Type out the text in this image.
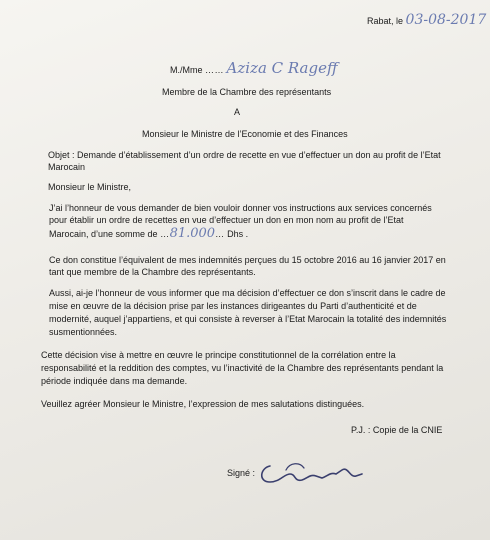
Rabat, le 03-08-2017
M./Mme …… Aziza C Rageff
Membre de la Chambre des représentants
A
Monsieur le Ministre de l’Economie et des Finances
Objet : Demande d’établissement d’un ordre de recette en vue d’effectuer un don au profit de l’Etat
Marocain
Monsieur le Ministre,
J’ai l’honneur de vous demander de bien vouloir donner vos instructions aux services concernés
pour établir un ordre de recettes en vue d’effectuer un don en mon nom au profit de l’Etat
Marocain, d’une somme de …81.000… Dhs .
Ce don constitue l’équivalent de mes indemnités perçues du 15 octobre 2016 au 16 janvier 2017 en
tant que membre de la Chambre des représentants.
Aussi, ai-je l’honneur de vous informer que ma décision d’effectuer ce don s’inscrit dans le cadre de
mise en œuvre de la décision prise par les instances dirigeantes du Parti d’authenticité et de
modernité, auquel j’appartiens, et qui consiste à reverser à l’Etat Marocain la totalité des indemnités
susmentionnées.
Cette décision vise à mettre en œuvre le principe constitutionnel de la corrélation entre la
responsabilité et la reddition des comptes, vu l’inactivité de la Chambre des représentants pendant la
période indiquée dans ma demande.
Veuillez agréer Monsieur le Ministre, l’expression de mes salutations distinguées.
P.J. : Copie de la CNIE
Signé :
